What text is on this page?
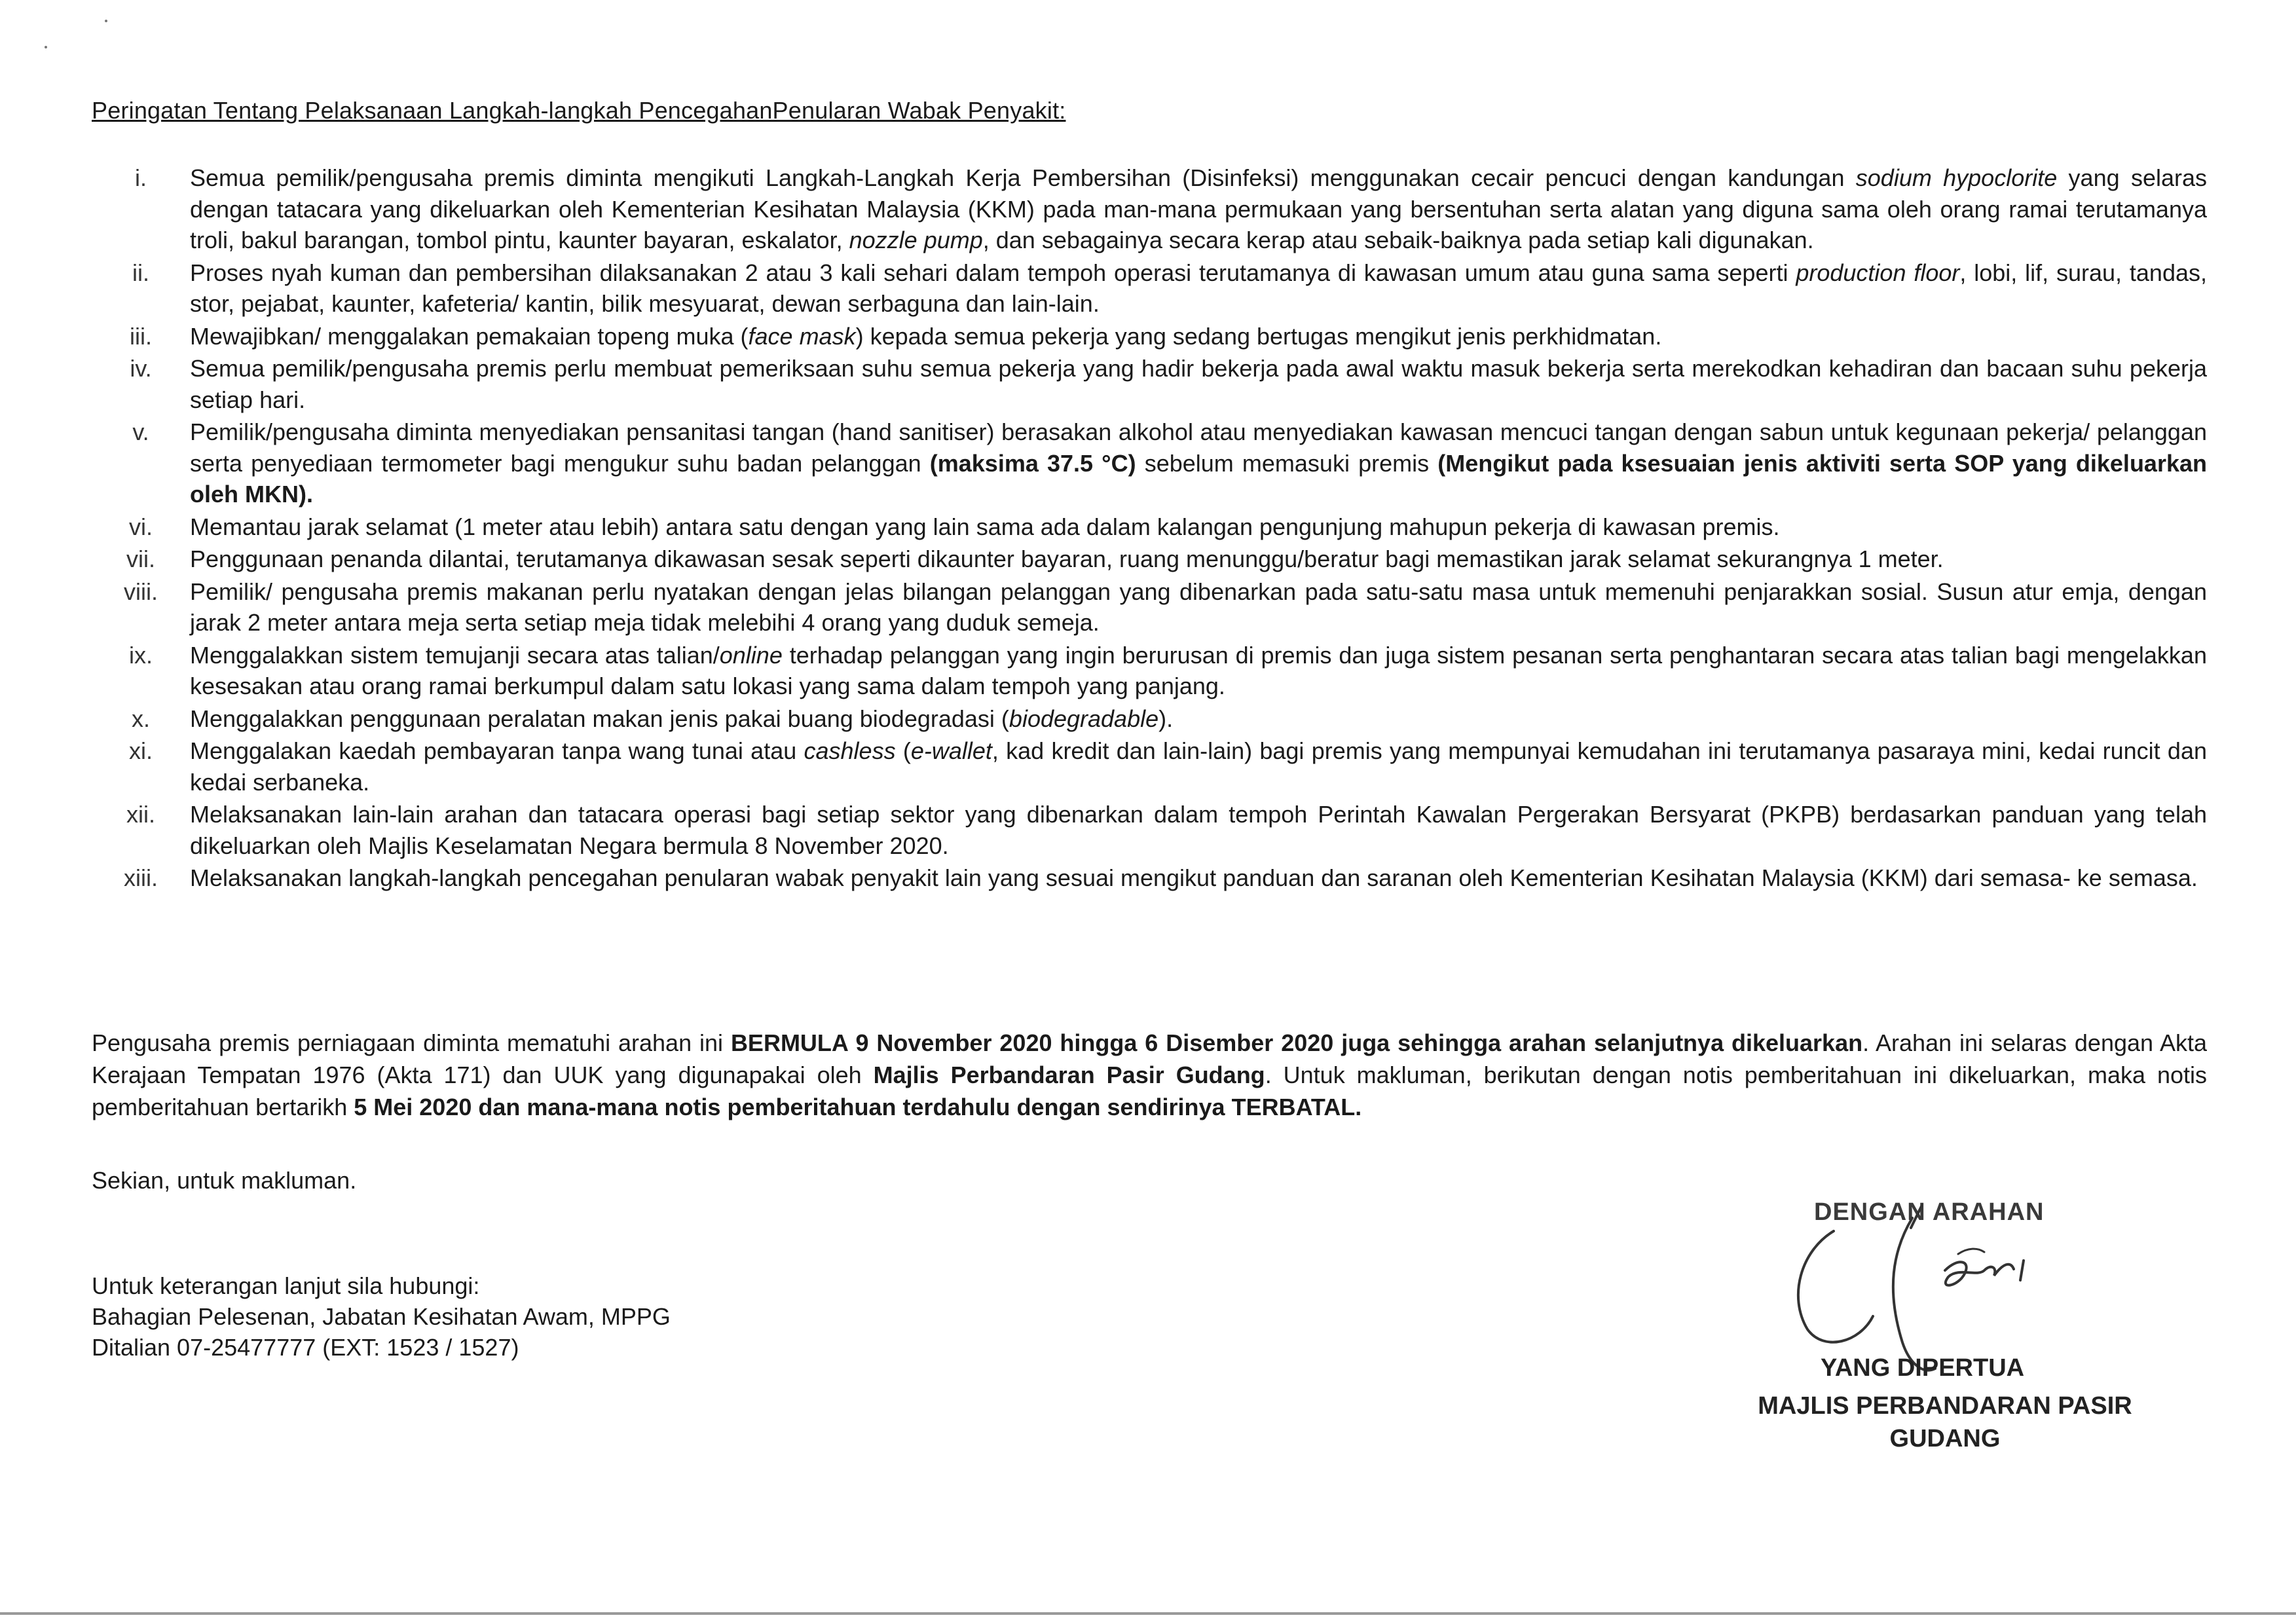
Peringatan Tentang Pelaksanaan Langkah-langkah PencegahanPenularan Wabak Penyakit:
i.	Semua pemilik/pengusaha premis diminta mengikuti Langkah-Langkah Kerja Pembersihan (Disinfeksi) menggunakan cecair pencuci dengan kandungan sodium hypoclorite yang selaras dengan tatacara yang dikeluarkan oleh Kementerian Kesihatan Malaysia (KKM) pada man-mana permukaan yang bersentuhan serta alatan yang diguna sama oleh orang ramai terutamanya troli, bakul barangan, tombol pintu, kaunter bayaran, eskalator, nozzle pump, dan sebagainya secara kerap atau sebaik-baiknya pada setiap kali digunakan.
ii.	Proses nyah kuman dan pembersihan dilaksanakan 2 atau 3 kali sehari dalam tempoh operasi terutamanya di kawasan umum atau guna sama seperti production floor, lobi, lif, surau, tandas, stor, pejabat, kaunter, kafeteria/ kantin, bilik mesyuarat, dewan serbaguna dan lain-lain.
iii.	Mewajibkan/ menggalakan pemakaian topeng muka (face mask) kepada semua pekerja yang sedang bertugas mengikut jenis perkhidmatan.
iv.	Semua pemilik/pengusaha premis perlu membuat pemeriksaan suhu semua pekerja yang hadir bekerja pada awal waktu masuk bekerja serta merekodkan kehadiran dan bacaan suhu pekerja setiap hari.
v.	Pemilik/pengusaha diminta menyediakan pensanitasi tangan (hand sanitiser) berasakan alkohol atau menyediakan kawasan mencuci tangan dengan sabun untuk kegunaan pekerja/ pelanggan serta penyediaan termometer bagi mengukur suhu badan pelanggan (maksima 37.5 °C) sebelum memasuki premis (Mengikut pada ksesuaian jenis aktiviti serta SOP yang dikeluarkan oleh MKN).
vi.	Memantau jarak selamat (1 meter atau lebih) antara satu dengan yang lain sama ada dalam kalangan pengunjung mahupun pekerja di kawasan premis.
vii.	Penggunaan penanda dilantai, terutamanya dikawasan sesak seperti dikaunter bayaran, ruang menunggu/beratur bagi memastikan jarak selamat sekurangnya 1 meter.
viii.	Pemilik/ pengusaha premis makanan perlu nyatakan dengan jelas bilangan pelanggan yang dibenarkan pada satu-satu masa untuk memenuhi penjarakkan sosial. Susun atur emja, dengan jarak 2 meter antara meja serta setiap meja tidak melebihi 4 orang yang duduk semeja.
ix.	Menggalakkan sistem temujanji secara atas talian/online terhadap pelanggan yang ingin berurusan di premis dan juga sistem pesanan serta penghantaran secara atas talian bagi mengelakkan kesesakan atau orang ramai berkumpul dalam satu lokasi yang sama dalam tempoh yang panjang.
x.	Menggalakkan penggunaan peralatan makan jenis pakai buang biodegradasi (biodegradable).
xi.	Menggalakan kaedah pembayaran tanpa wang tunai atau cashless (e-wallet, kad kredit dan lain-lain) bagi premis yang mempunyai kemudahan ini terutamanya pasaraya mini, kedai runcit dan kedai serbaneka.
xii.	Melaksanakan lain-lain arahan dan tatacara operasi bagi setiap sektor yang dibenarkan dalam tempoh Perintah Kawalan Pergerakan Bersyarat (PKPB) berdasarkan panduan yang telah dikeluarkan oleh Majlis Keselamatan Negara bermula 8 November 2020.
xiii.	Melaksanakan langkah-langkah pencegahan penularan wabak penyakit lain yang sesuai mengikut panduan dan saranan oleh Kementerian Kesihatan Malaysia (KKM) dari semasa- ke semasa.
Pengusaha premis perniagaan diminta mematuhi arahan ini BERMULA 9 November 2020 hingga 6 Disember 2020 juga sehingga arahan selanjutnya dikeluarkan. Arahan ini selaras dengan Akta Kerajaan Tempatan 1976 (Akta 171) dan UUK yang digunapakai oleh Majlis Perbandaran Pasir Gudang. Untuk makluman, berikutan dengan notis pemberitahuan ini dikeluarkan, maka notis pemberitahuan bertarikh 5 Mei 2020 dan mana-mana notis pemberitahuan terdahulu dengan sendirinya TERBATAL.
Sekian, untuk makluman.
Untuk keterangan lanjut sila hubungi:
Bahagian Pelesenan, Jabatan Kesihatan Awam, MPPG
Ditalian 07-25477777 (EXT: 1523 / 1527)
DENGAN ARAHAN
YANG DIPERTUA
MAJLIS PERBANDARAN PASIR
GUDANG
